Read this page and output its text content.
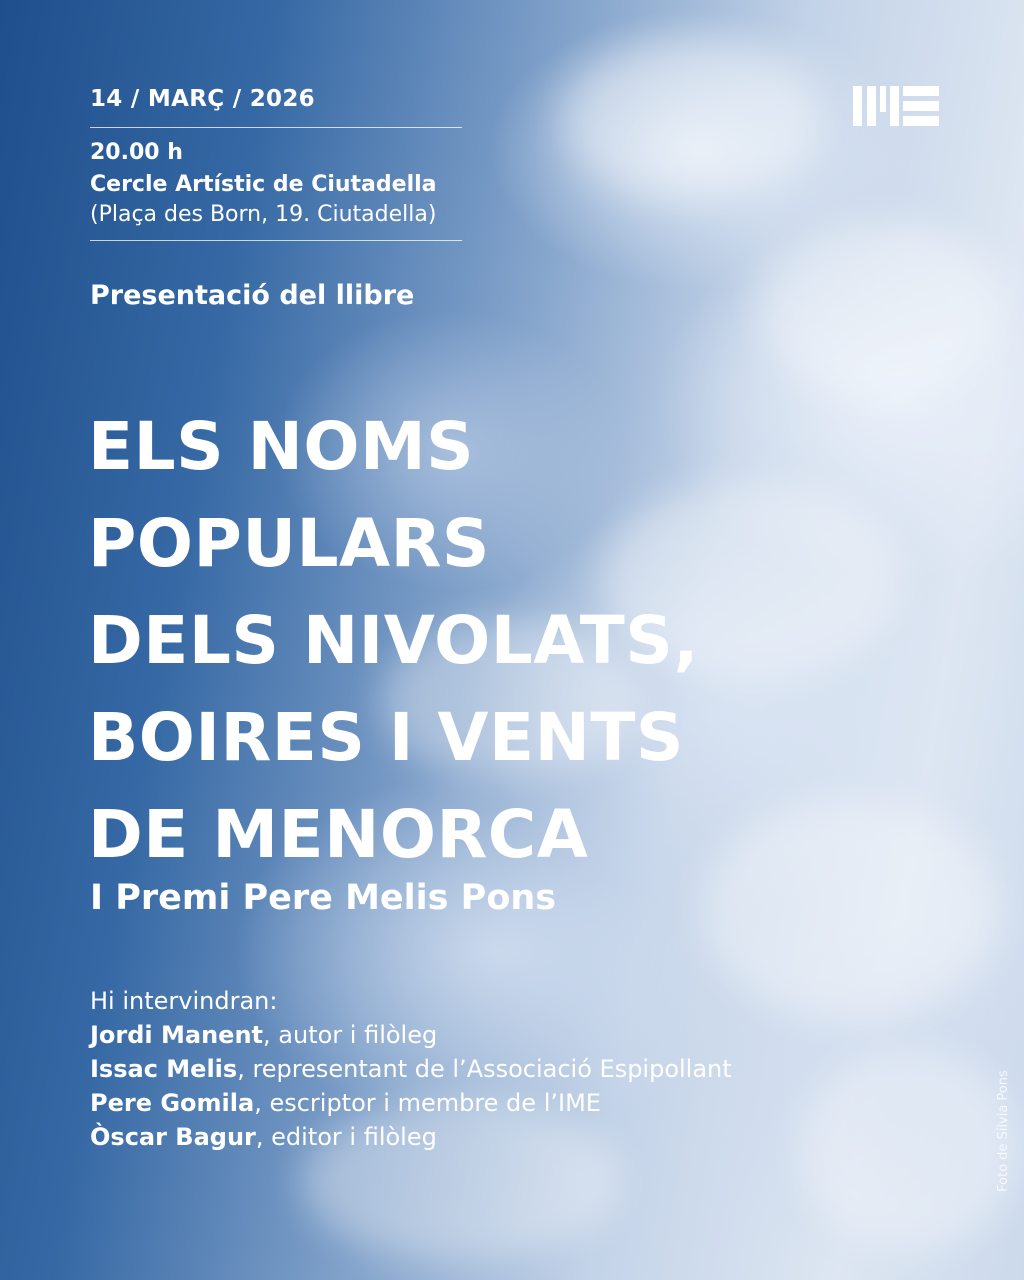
14 / MARÇ / 2026
20.00 h
Cercle Artístic de Ciutadella
(Plaça des Born, 19. Ciutadella)
Presentació del llibre
ELS NOMS
POPULARS
DELS NIVOLATS,
BOIRES I VENTS
DE MENORCA
I Premi Pere Melis Pons
Hi intervindran:
Jordi Manent, autor i filòleg
Issac Melis, representant de l’Associació Espipollant
Pere Gomila, escriptor i membre de l’IME
Òscar Bagur, editor i filòleg	Foto de Sílvia Pons
